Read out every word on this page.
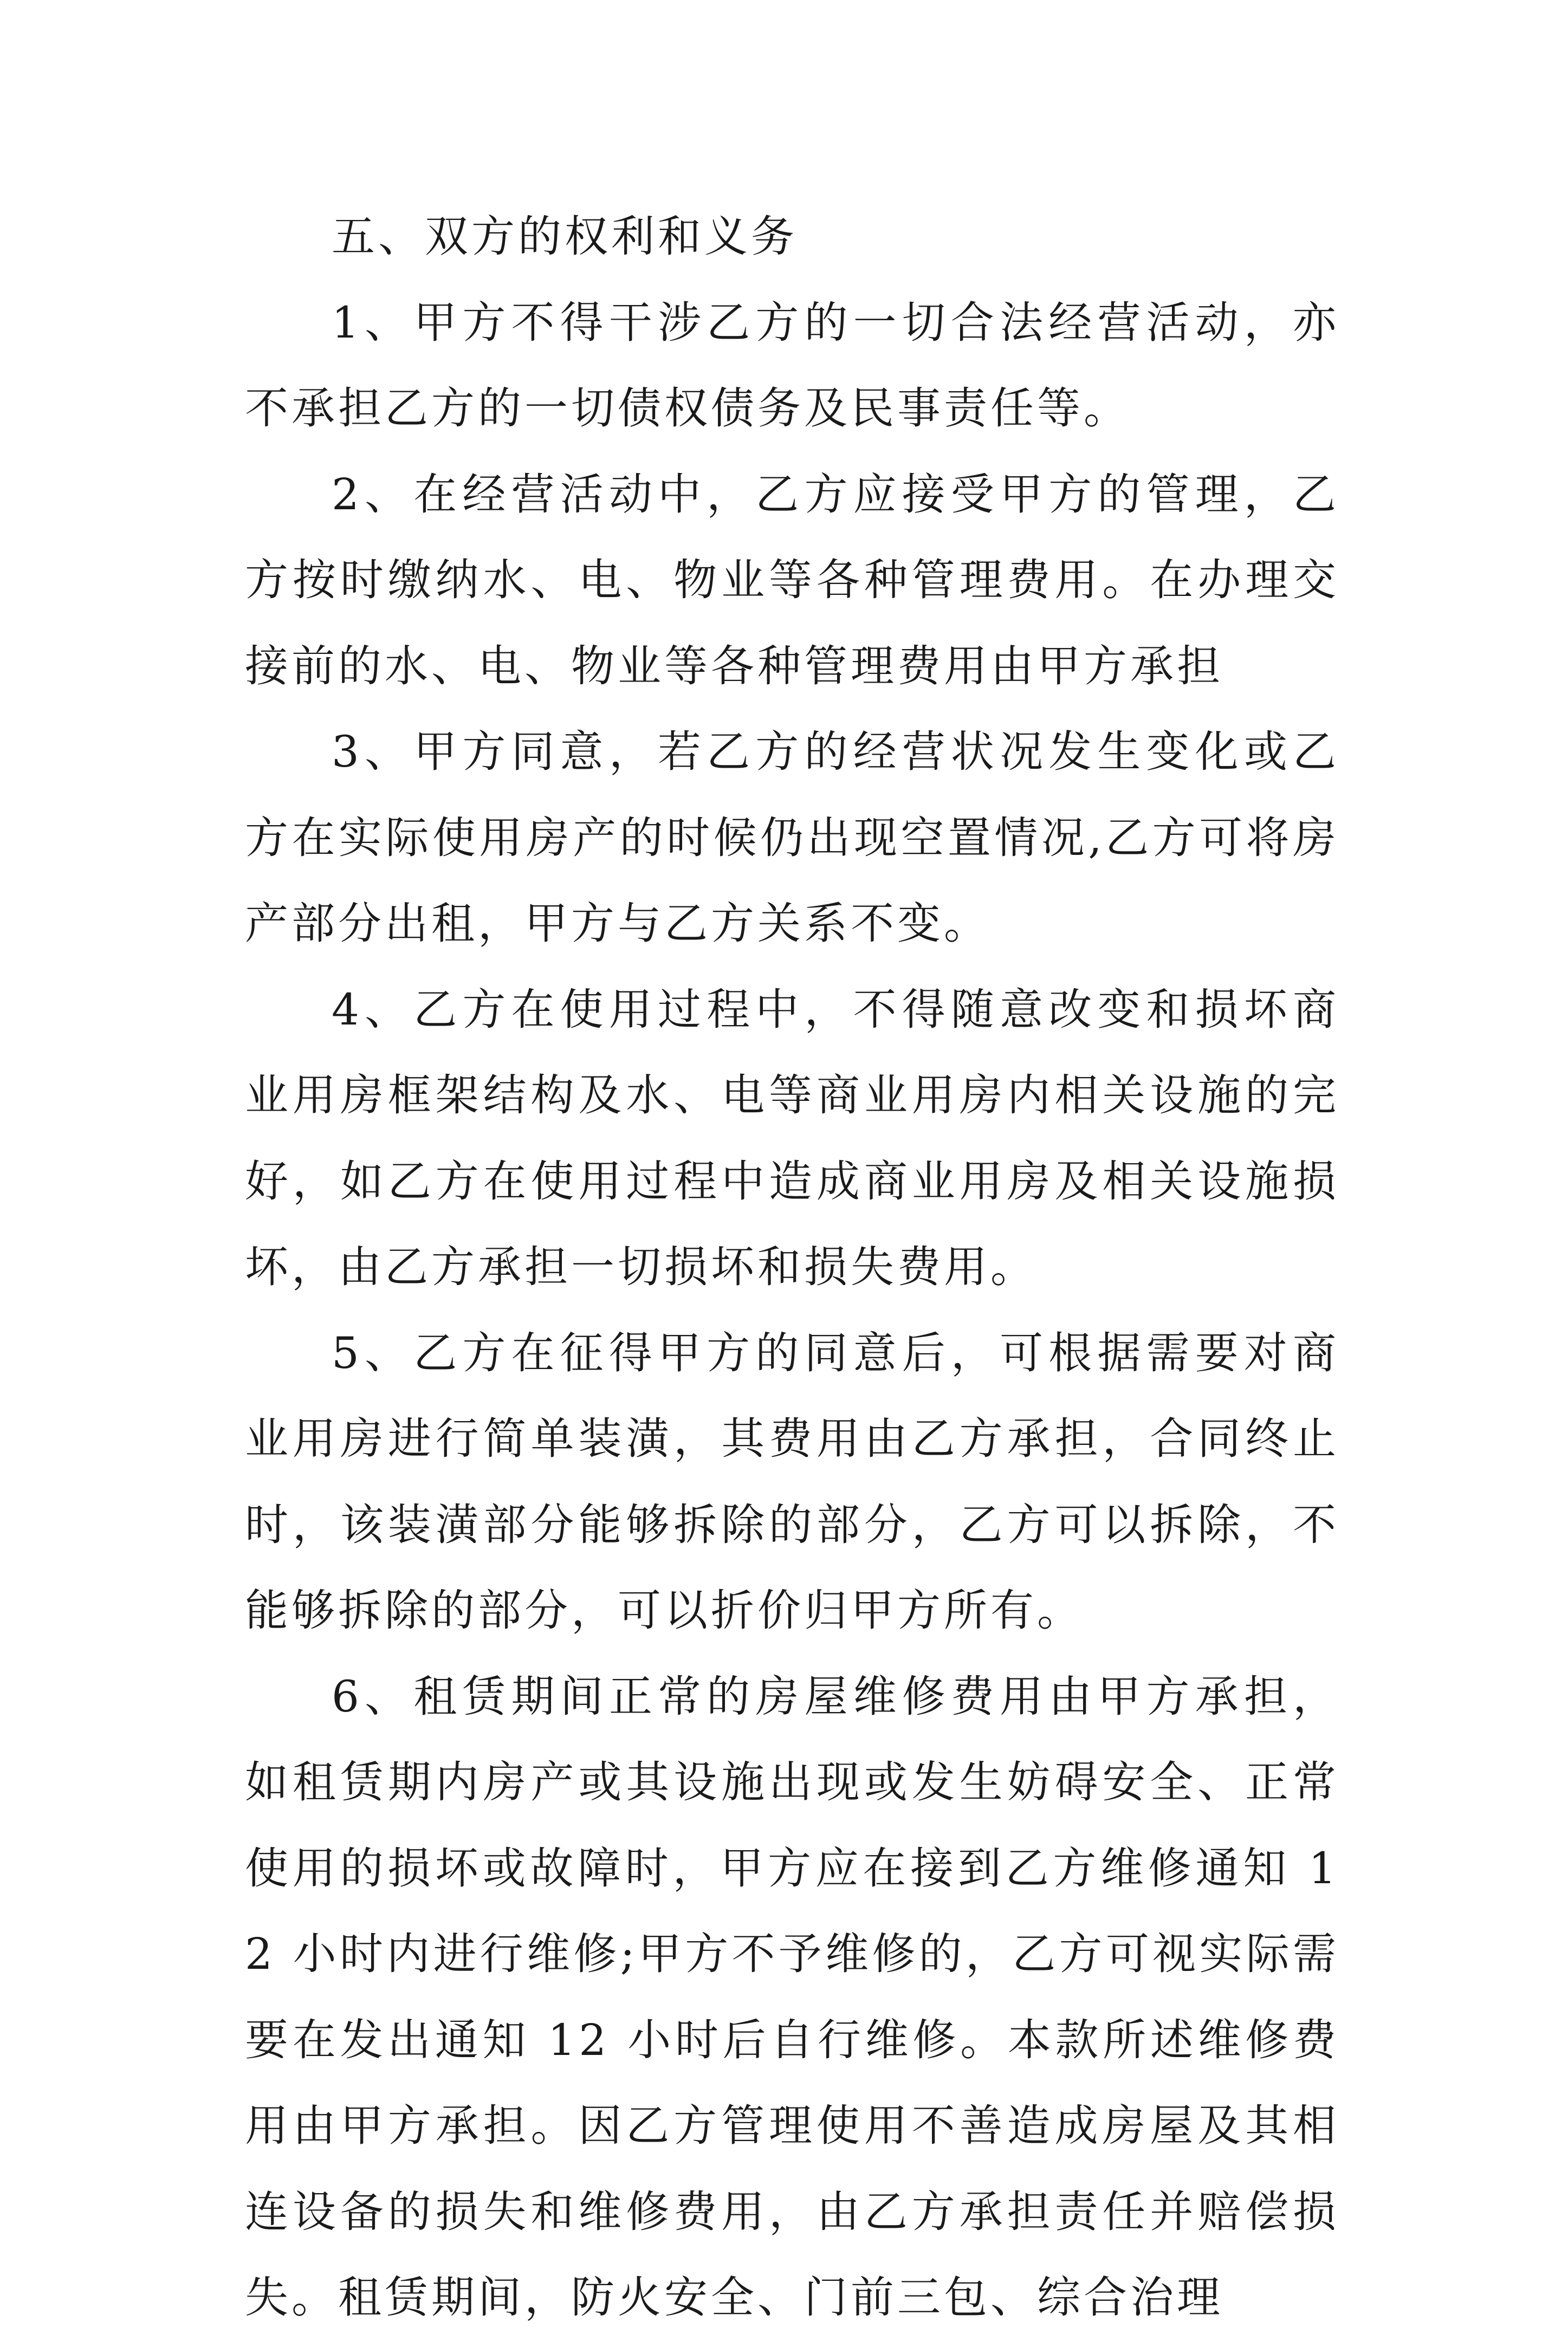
五、双方的权利和义务

1、甲方不得干涉乙方的一切合法经营活动，亦不承担乙方的一切债权债务及民事责任等。

2、在经营活动中，乙方应接受甲方的管理，乙方按时缴纳水、电、物业等各种管理费用。在办理交接前的水、电、物业等各种管理费用由甲方承担

3、甲方同意，若乙方的经营状况发生变化或乙方在实际使用房产的时候仍出现空置情况,乙方可将房产部分出租，甲方与乙方关系不变。

4、乙方在使用过程中，不得随意改变和损坏商业用房框架结构及水、电等商业用房内相关设施的完好，如乙方在使用过程中造成商业用房及相关设施损坏，由乙方承担一切损坏和损失费用。

5、乙方在征得甲方的同意后，可根据需要对商业用房进行简单装潢，其费用由乙方承担，合同终止时，该装潢部分能够拆除的部分，乙方可以拆除，不能够拆除的部分，可以折价归甲方所有。

6、租赁期间正常的房屋维修费用由甲方承担，如租赁期内房产或其设施出现或发生妨碍安全、正常使用的损坏或故障时，甲方应在接到乙方维修通知 12 小时内进行维修;甲方不予维修的，乙方可视实际需要在发出通知 12 小时后自行维修。本款所述维修费用由甲方承担。因乙方管理使用不善造成房屋及其相连设备的损失和维修费用，由乙方承担责任并赔偿损失。租赁期间，防火安全、门前三包、综合治理
